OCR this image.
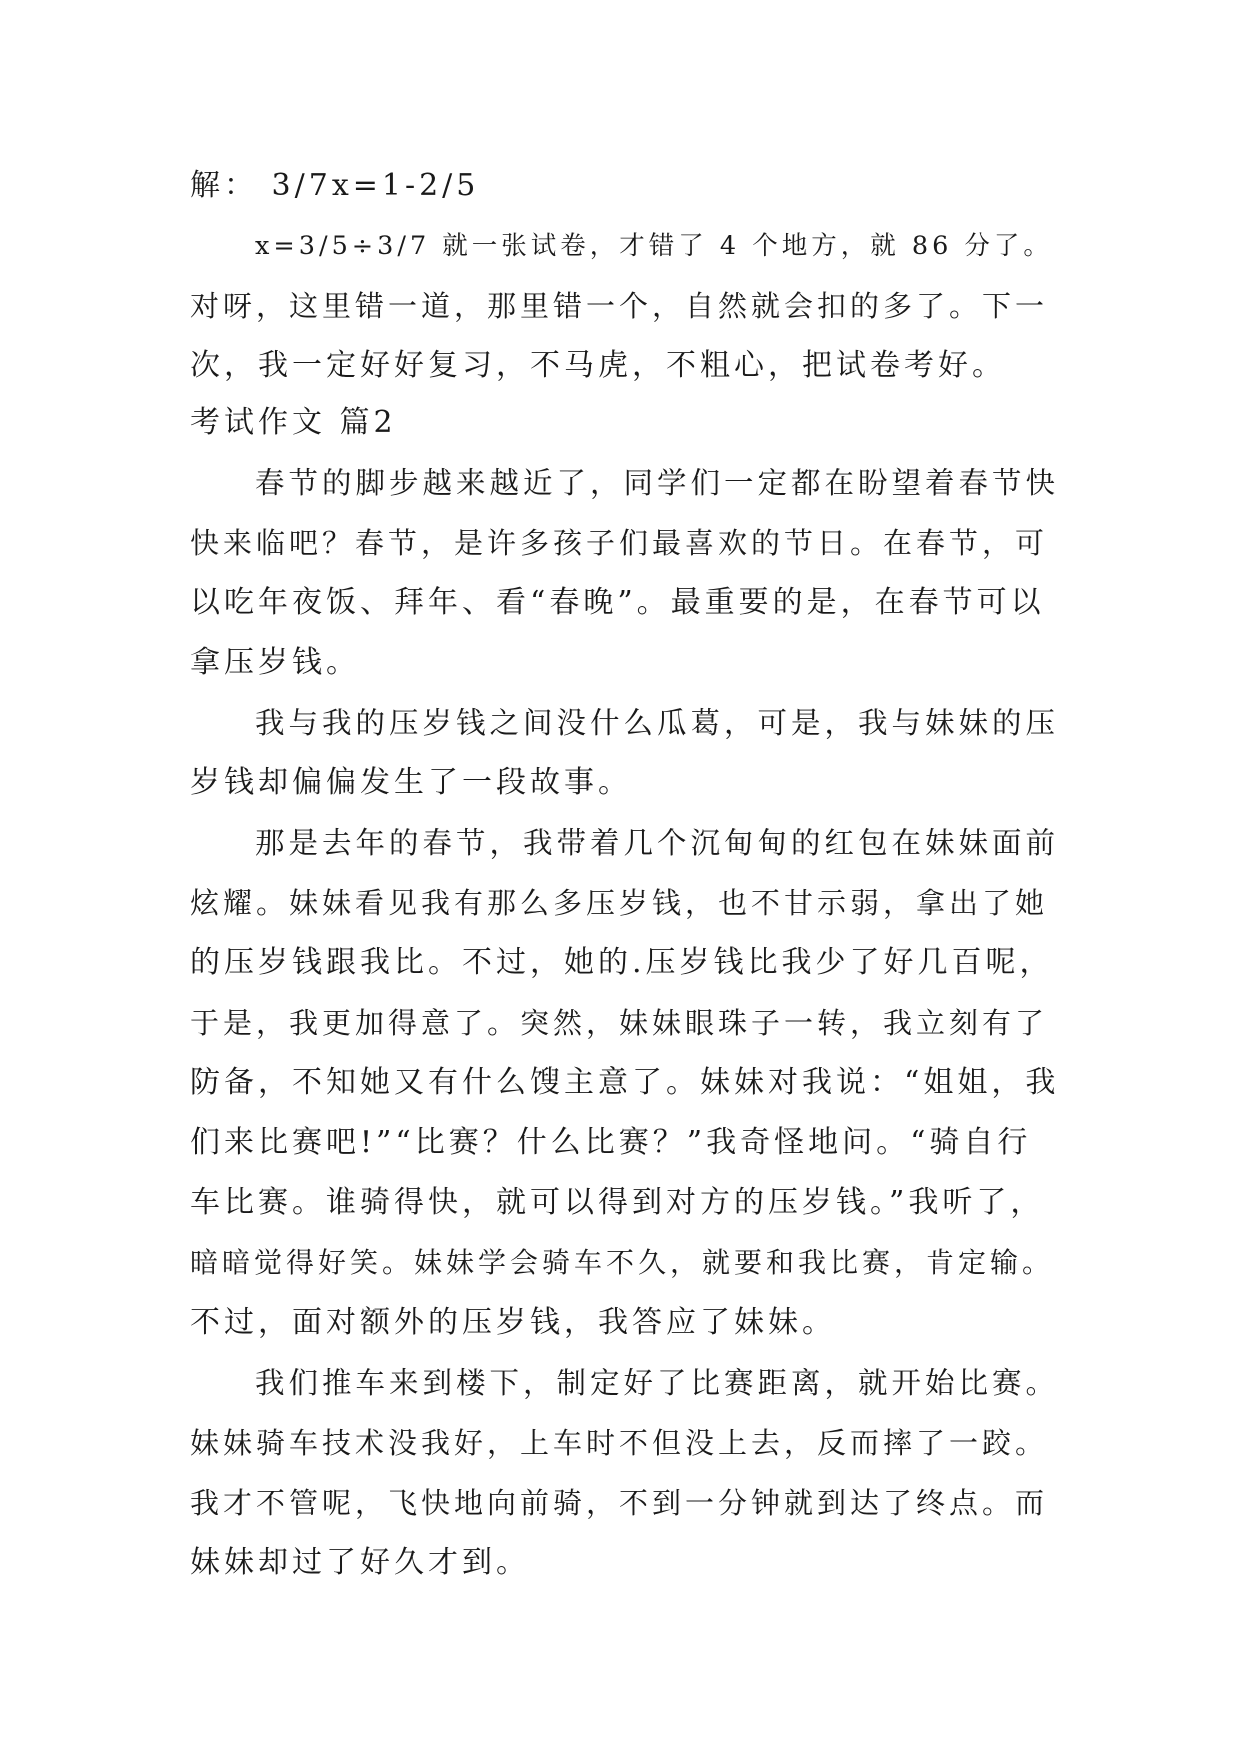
解： 3/7x=1-2/5
x=3/5÷3/7 就一张试卷，才错了 4 个地方，就 86 分了。
对呀，这里错一道，那里错一个，自然就会扣的多了。下一
次，我一定好好复习，不马虎，不粗心，把试卷考好。
考试作文 篇2
春节的脚步越来越近了，同学们一定都在盼望着春节快
快来临吧？春节，是许多孩子们最喜欢的节日。在春节，可
以吃年夜饭、拜年、看“春晚”。最重要的是，在春节可以
拿压岁钱。
我与我的压岁钱之间没什么瓜葛，可是，我与妹妹的压
岁钱却偏偏发生了一段故事。
那是去年的春节，我带着几个沉甸甸的红包在妹妹面前
炫耀。妹妹看见我有那么多压岁钱，也不甘示弱，拿出了她
的压岁钱跟我比。不过，她的.压岁钱比我少了好几百呢，
于是，我更加得意了。突然，妹妹眼珠子一转，我立刻有了
防备，不知她又有什么馊主意了。妹妹对我说：“姐姐，我
们来比赛吧!”“比赛？什么比赛？”我奇怪地问。“骑自行
车比赛。谁骑得快，就可以得到对方的压岁钱。”我听了，
暗暗觉得好笑。妹妹学会骑车不久，就要和我比赛，肯定输。
不过，面对额外的压岁钱，我答应了妹妹。
我们推车来到楼下，制定好了比赛距离，就开始比赛。
妹妹骑车技术没我好，上车时不但没上去，反而摔了一跤。
我才不管呢，飞快地向前骑，不到一分钟就到达了终点。而
妹妹却过了好久才到。
